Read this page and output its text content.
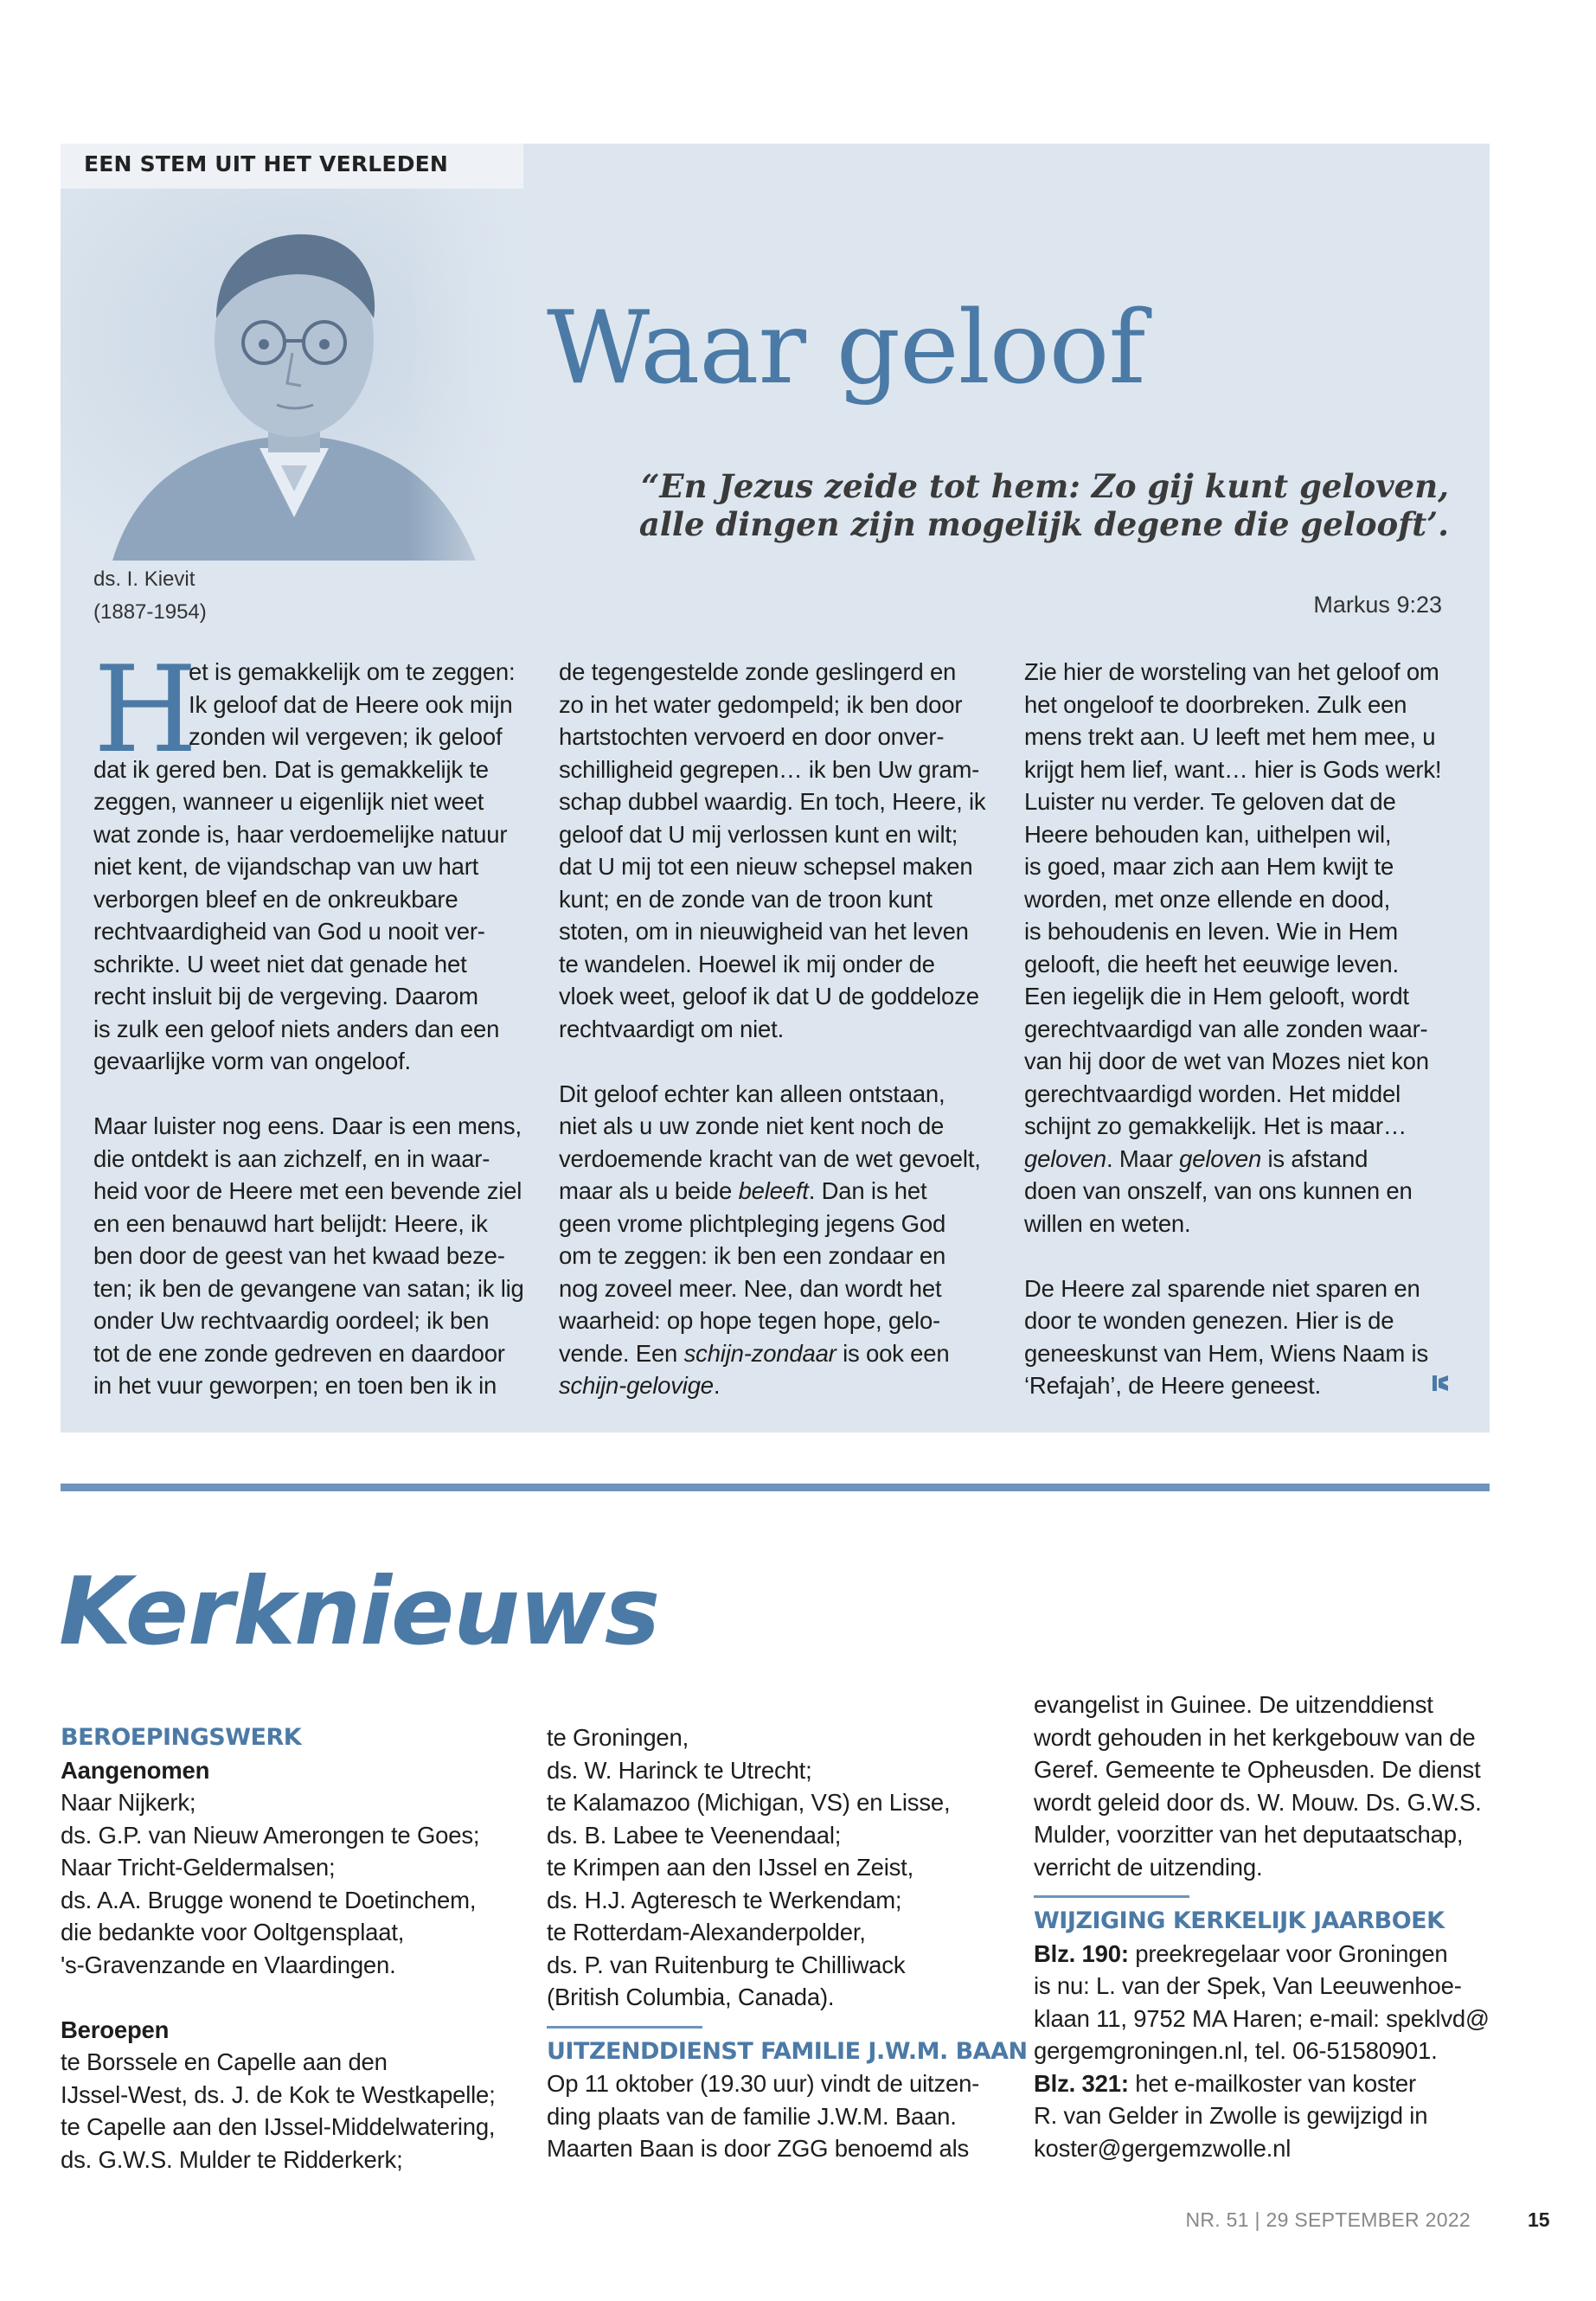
EEN STEM UIT HET VERLEDEN
ds. I. Kievit
(1887-1954)
Waar geloof
“En Jezus zeide tot hem: Zo gij kunt geloven,
alle dingen zijn mogelijk degene die gelooft’.
Markus 9:23
H

et is gemakkelijk om te zeggen:

Ik geloof dat de Heere ook mijn

zonden wil vergeven; ik geloof

dat ik gered ben. Dat is gemakkelijk te

zeggen, wanneer u eigenlijk niet weet

wat zonde is, haar verdoemelijke natuur

niet kent, de vijandschap van uw hart

verborgen bleef en de onkreukbare

rechtvaardigheid van God u nooit ver-

schrikte. U weet niet dat genade het

recht insluit bij de vergeving. Daarom

is zulk een geloof niets anders dan een

gevaarlijke vorm van ongeloof.

Maar luister nog eens. Daar is een mens,

die ontdekt is aan zichzelf, en in waar-

heid voor de Heere met een bevende ziel

en een benauwd hart belijdt: Heere, ik

ben door de geest van het kwaad beze-

ten; ik ben de gevangene van satan; ik lig

onder Uw rechtvaardig oordeel; ik ben

tot de ene zonde gedreven en daardoor

in het vuur geworpen; en toen ben ik in

de tegengestelde zonde geslingerd en

zo in het water gedompeld; ik ben door

hartstochten vervoerd en door onver-

schilligheid gegrepen… ik ben Uw gram-

schap dubbel waardig. En toch, Heere, ik

geloof dat U mij verlossen kunt en wilt;

dat U mij tot een nieuw schepsel maken

kunt; en de zonde van de troon kunt

stoten, om in nieuwigheid van het leven

te wandelen. Hoewel ik mij onder de

vloek weet, geloof ik dat U de goddeloze

rechtvaardigt om niet.

Dit geloof echter kan alleen ontstaan,

niet als u uw zonde niet kent noch de

verdoemende kracht van de wet gevoelt,

maar als u beide beleeft. Dan is het

geen vrome plichtpleging jegens God

om te zeggen: ik ben een zondaar en

nog zoveel meer. Nee, dan wordt het

waarheid: op hope tegen hope, gelo-

vende. Een schijn-zondaar is ook een

schijn-gelovige.

Zie hier de worsteling van het geloof om

het ongeloof te doorbreken. Zulk een

mens trekt aan. U leeft met hem mee, u

krijgt hem lief, want… hier is Gods werk!

Luister nu verder. Te geloven dat de

Heere behouden kan, uithelpen wil,

is goed, maar zich aan Hem kwijt te

worden, met onze ellende en dood,

is behoudenis en leven. Wie in Hem

gelooft, die heeft het eeuwige leven.

Een iegelijk die in Hem gelooft, wordt

gerechtvaardigd van alle zonden waar-

van hij door de wet van Mozes niet kon

gerechtvaardigd worden. Het middel

schijnt zo gemakkelijk. Het is maar…

geloven. Maar geloven is afstand

doen van onszelf, van ons kunnen en

willen en weten.

De Heere zal sparende niet sparen en

door te wonden genezen. Hier is de

geneeskunst van Hem, Wiens Naam is

‘Refajah’, de Heere geneest.

Kerknieuws
BEROEPINGSWERK

Aangenomen

Naar Nijkerk;

ds. G.P. van Nieuw Amerongen te Goes;

Naar Tricht-Geldermalsen;

ds. A.A. Brugge wonend te Doetinchem,

die bedankte voor Ooltgensplaat,

's-Gravenzande en Vlaardingen.

Beroepen

te Borssele en Capelle aan den

IJssel-West, ds. J. de Kok te Westkapelle;

te Capelle aan den IJssel-Middelwatering,

ds. G.W.S. Mulder te Ridderkerk;

te Groningen,

ds. W. Harinck te Utrecht;

te Kalamazoo (Michigan, VS) en Lisse,

ds. B. Labee te Veenendaal;

te Krimpen aan den IJssel en Zeist,

ds. H.J. Agteresch te Werkendam;

te Rotterdam-Alexanderpolder,

ds. P. van Ruitenburg te Chilliwack

(British Columbia, Canada).

UITZENDDIENST FAMILIE J.W.M. BAAN

Op 11 oktober (19.30 uur) vindt de uitzen-

ding plaats van de familie J.W.M. Baan.

Maarten Baan is door ZGG benoemd als

evangelist in Guinee. De uitzenddienst

wordt gehouden in het kerkgebouw van de

Geref. Gemeente te Opheusden. De dienst

wordt geleid door ds. W. Mouw. Ds. G.W.S.

Mulder, voorzitter van het deputaatschap,

verricht de uitzending.

WIJZIGING KERKELIJK JAARBOEK

Blz. 190: preekregelaar voor Groningen

is nu: L. van der Spek, Van Leeuwenhoe-

klaan 11, 9752 MA Haren; e-mail: speklvd@

gergemgroningen.nl, tel. 06-51580901.

Blz. 321: het e-mailkoster van koster

R. van Gelder in Zwolle is gewijzigd in

koster@gergemzwolle.nl

NR. 51 | 29 SEPTEMBER 2022	15
